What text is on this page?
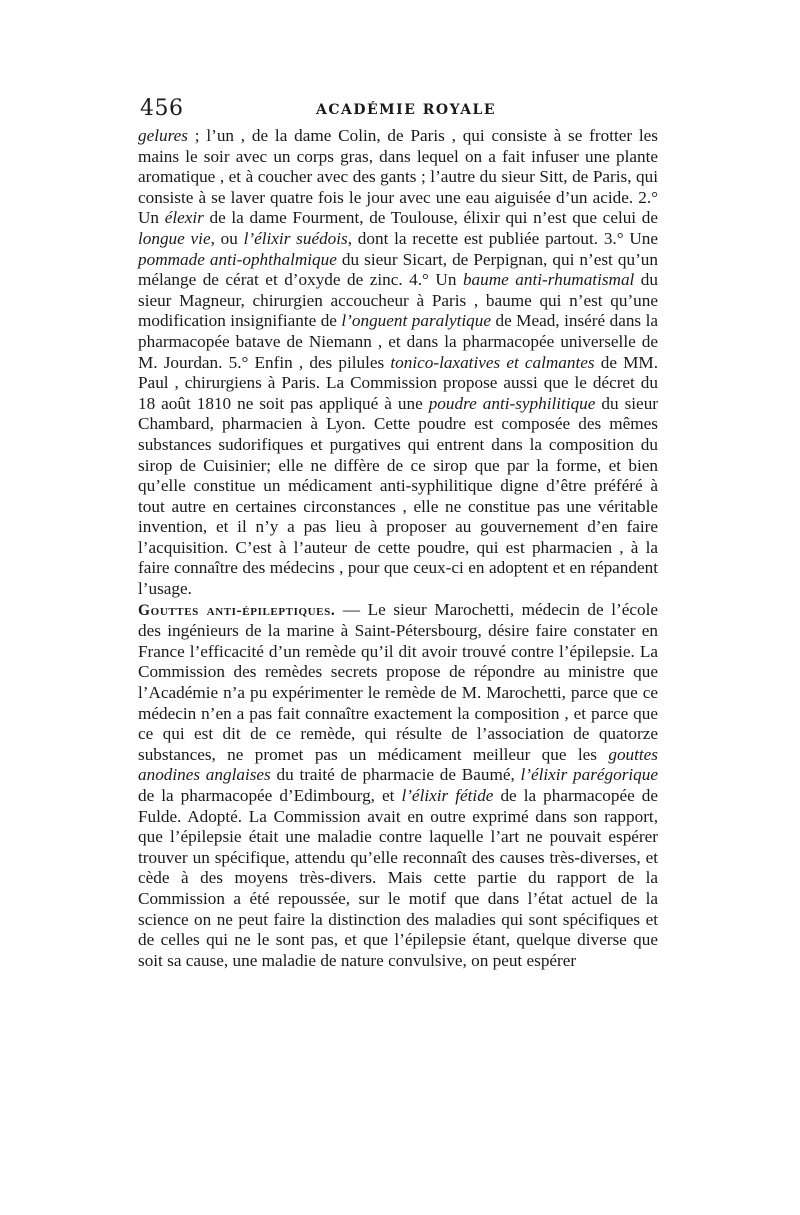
456	ACADÉMIE ROYALE

gelures ; l’un , de la dame Colin, de Paris , qui consiste à se frotter les mains le soir avec un corps gras, dans lequel on a fait infuser une plante aromatique , et à coucher avec des gants ; l’autre du sieur Sitt, de Paris, qui consiste à se laver quatre fois le jour avec une eau aiguisée d’un acide. 2.° Un élexir de la dame Fourment, de Toulouse, élixir qui n’est que celui de longue vie, ou l’élixir suédois, dont la recette est publiée partout. 3.° Une pommade anti-ophthalmique du sieur Sicart, de Perpignan, qui n’est qu’un mélange de cérat et d’oxyde de zinc. 4.° Un baume anti-rhumatismal du sieur Magneur, chirurgien accoucheur à Paris , baume qui n’est qu’une modification insignifiante de l’onguent paralytique de Mead, inséré dans la pharmacopée batave de Niemann , et dans la pharmacopée universelle de M. Jourdan. 5.° Enfin , des pilules tonico-laxatives et calmantes de MM. Paul , chirurgiens à Paris. La Commission propose aussi que le décret du 18 août 1810 ne soit pas appliqué à une poudre anti-syphilitique du sieur Chambard, pharmacien à Lyon. Cette poudre est composée des mêmes substances sudorifiques et purgatives qui entrent dans la composition du sirop de Cuisinier; elle ne diffère de ce sirop que par la forme, et bien qu’elle constitue un médicament anti-syphilitique digne d’être préféré à tout autre en certaines circonstances , elle ne constitue pas une véritable invention, et il n’y a pas lieu à proposer au gouvernement d’en faire l’acquisition. C’est à l’auteur de cette poudre, qui est pharmacien , à la faire connaître des médecins , pour que ceux-ci en adoptent et en répandent l’usage.

Gouttes anti-épileptiques. — Le sieur Marochetti, médecin de l’école des ingénieurs de la marine à Saint-Pétersbourg, désire faire constater en France l’efficacité d’un remède qu’il dit avoir trouvé contre l’épilepsie. La Commission des remèdes secrets propose de répondre au ministre que l’Académie n’a pu expérimenter le remède de M. Marochetti, parce que ce médecin n’en a pas fait connaître exactement la composition , et parce que ce qui est dit de ce remède, qui résulte de l’association de quatorze substances, ne promet pas un médicament meilleur que les gouttes anodines anglaises du traité de pharmacie de Baumé, l’élixir parégorique de la pharmacopée d’Edimbourg, et l’élixir fétide de la pharmacopée de Fulde. Adopté. La Commission avait en outre exprimé dans son rapport, que l’épilepsie était une maladie contre laquelle l’art ne pouvait espérer trouver un spécifique, attendu qu’elle reconnaît des causes très-diverses, et cède à des moyens très-divers. Mais cette partie du rapport de la Commission a été repoussée, sur le motif que dans l’état actuel de la science on ne peut faire la distinction des maladies qui sont spécifiques et de celles qui ne le sont pas, et que l’épilepsie étant, quelque diverse que soit sa cause, une maladie de nature convulsive, on peut espérer
